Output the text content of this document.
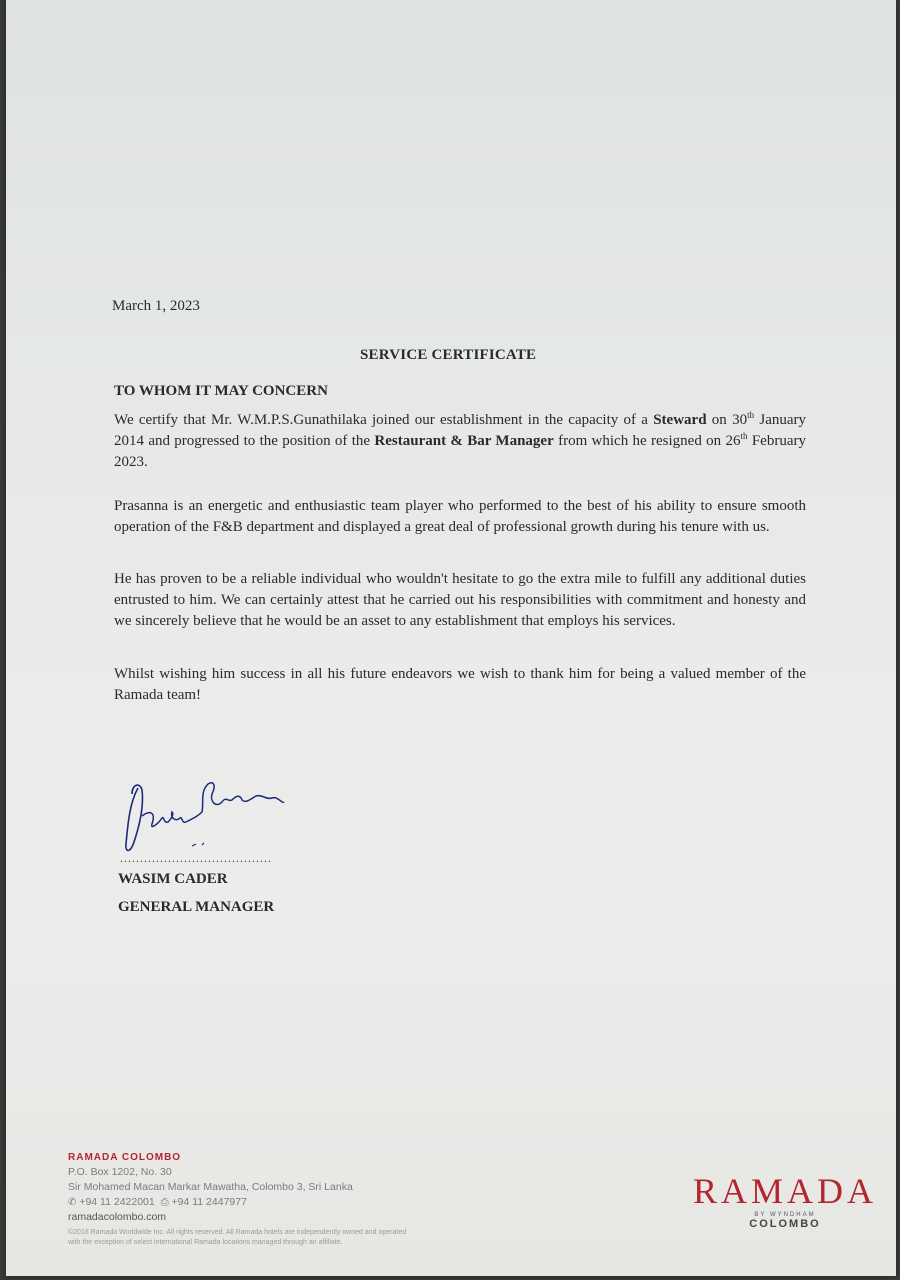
March 1, 2023
SERVICE CERTIFICATE
TO WHOM IT MAY CONCERN

We certify that Mr. W.M.P.S.Gunathilaka joined our establishment in the capacity of a Steward on 30th January 2014 and progressed to the position of the Restaurant & Bar Manager from which he resigned on 26th February 2023.

Prasanna is an energetic and enthusiastic team player who performed to the best of his ability to ensure smooth operation of the F&B department and displayed a great deal of professional growth during his tenure with us.

He has proven to be a reliable individual who wouldn't hesitate to go the extra mile to fulfill any additional duties entrusted to him. We can certainly attest that he carried out his responsibilities with commitment and honesty and we sincerely believe that he would be an asset to any establishment that employs his services.

Whilst wishing him success in all his future endeavors we wish to thank him for being a valued member of the Ramada team!

......................................
WASIM CADER
GENERAL MANAGER
RAMADA COLOMBO
P.O. Box 1202, No. 30
Sir Mohamed Macan Markar Mawatha, Colombo 3, Sri Lanka
✆ +94 11 2422001 ⎙ +94 11 2447977
ramadacolombo.com
©2018 Ramada Worldwide Inc. All rights reserved. All Ramada hotels are independently owned and operated
with the exception of select international Ramada locations managed through an affiliate.
RAMADA
BY WYNDHAM
COLOMBO
